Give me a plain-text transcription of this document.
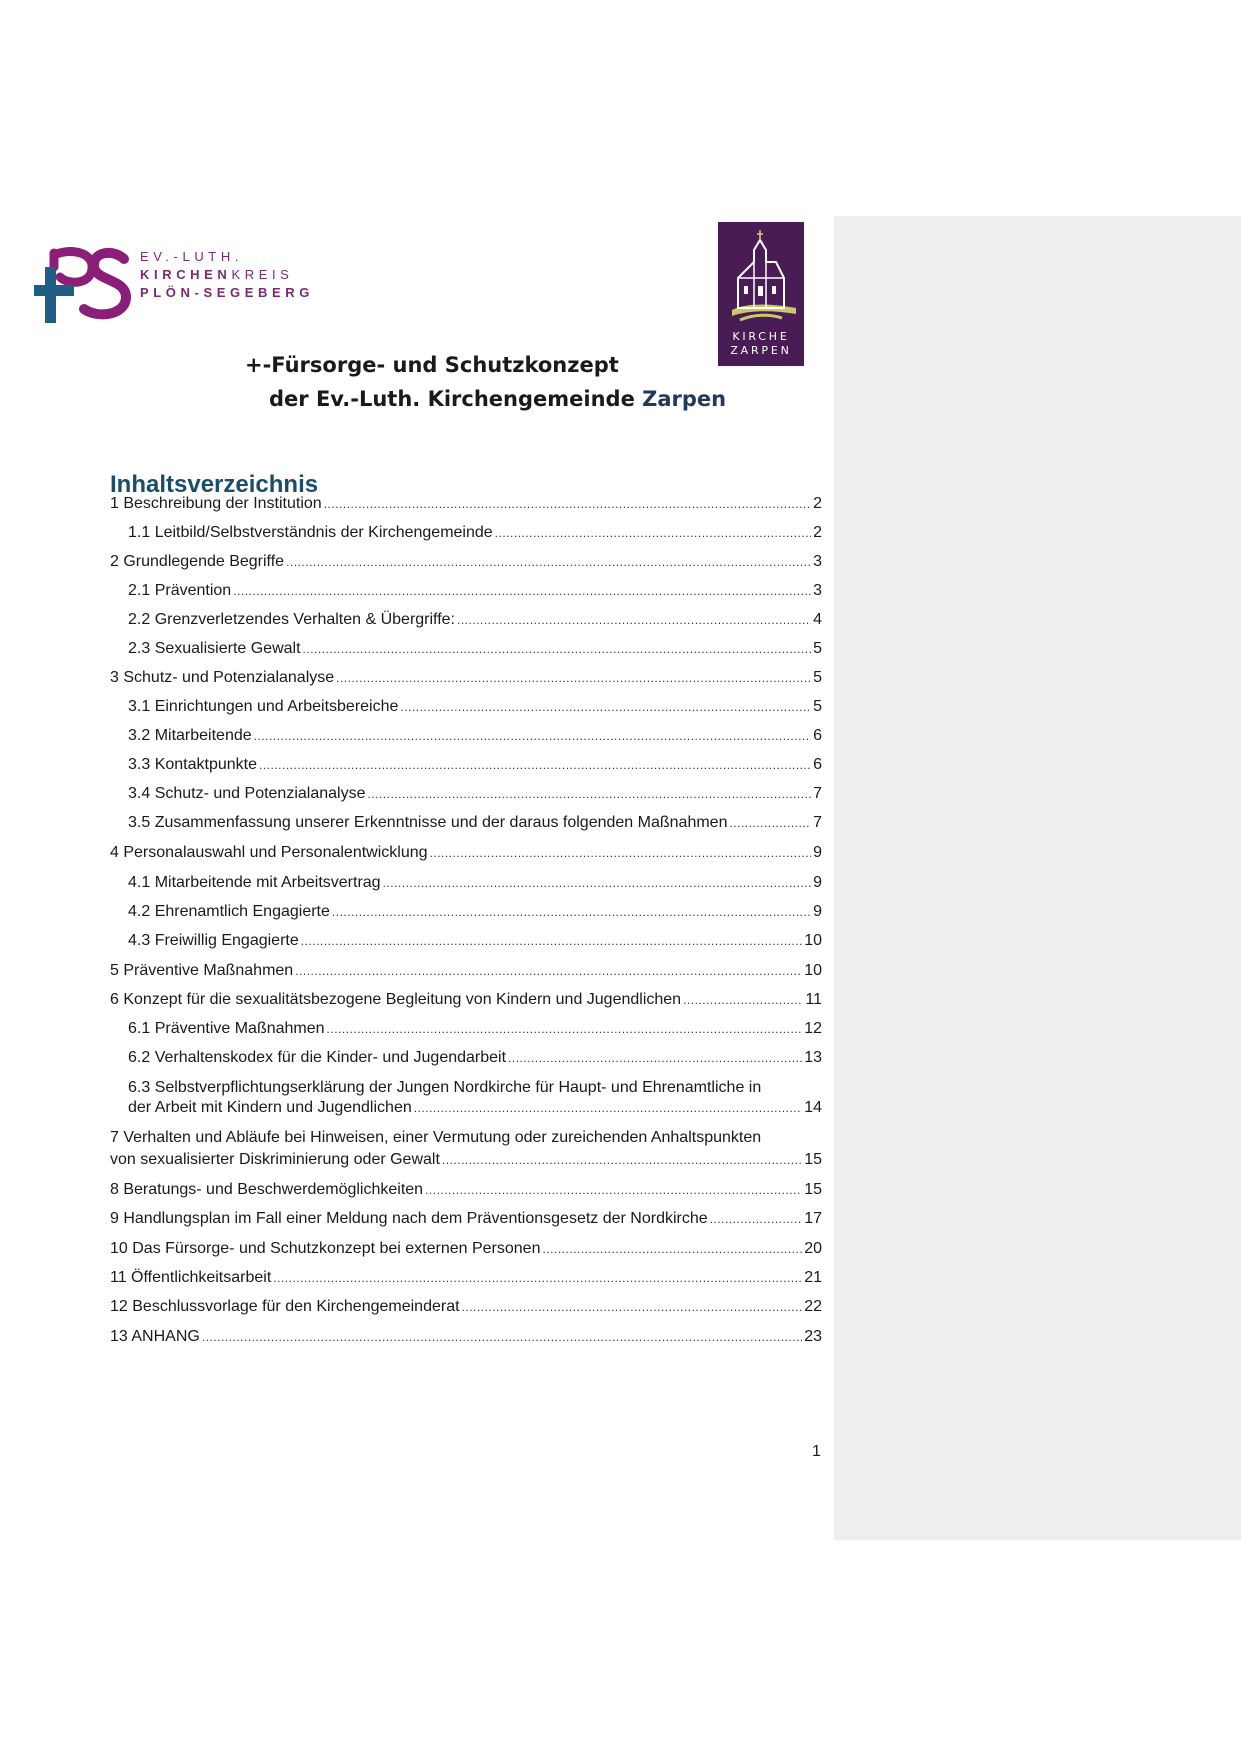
EV.-LUTH.
KIRCHENKREIS
PLÖN-SEGEBERG
KIRCHE
ZARPEN
+-Fürsorge- und Schutzkonzept
der Ev.-Luth. Kirchengemeinde Zarpen
Inhaltsverzeichnis
1 Beschreibung der Institution .....	2
1.1 Leitbild/Selbstverständnis der Kirchengemeinde .....	2
2 Grundlegende Begriffe .....	3
2.1 Prävention .....	3
2.2 Grenzverletzendes Verhalten & Übergriffe: .....	4
2.3 Sexualisierte Gewalt .....	5
3 Schutz- und Potenzialanalyse .....	5
3.1 Einrichtungen und Arbeitsbereiche .....	5
3.2 Mitarbeitende .....	6
3.3 Kontaktpunkte .....	6
3.4 Schutz- und Potenzialanalyse .....	7
3.5 Zusammenfassung unserer Erkenntnisse und der daraus folgenden Maßnahmen .....	7
4 Personalauswahl und Personalentwicklung .....	9
4.1 Mitarbeitende mit Arbeitsvertrag .....	9
4.2 Ehrenamtlich Engagierte .....	9
4.3 Freiwillig Engagierte .....	10
5 Präventive Maßnahmen .....	10
6 Konzept für die sexualitätsbezogene Begleitung von Kindern und Jugendlichen .....	11
6.1 Präventive Maßnahmen .....	12
6.2 Verhaltenskodex für die Kinder- und Jugendarbeit .....	13
6.3 Selbstverpflichtungserklärung der Jungen Nordkirche für Haupt- und Ehrenamtliche in
der Arbeit mit Kindern und Jugendlichen .....	14
7 Verhalten und Abläufe bei Hinweisen, einer Vermutung oder zureichenden Anhaltspunkten
von sexualisierter Diskriminierung oder Gewalt .....	15
8 Beratungs- und Beschwerdemöglichkeiten .....	15
9 Handlungsplan im Fall einer Meldung nach dem Präventionsgesetz der Nordkirche .....	17
10 Das Fürsorge- und Schutzkonzept bei externen Personen .....	20
11 Öffentlichkeitsarbeit .....	21
12 Beschlussvorlage für den Kirchengemeinderat .....	22
13 ANHANG .....	23
1
